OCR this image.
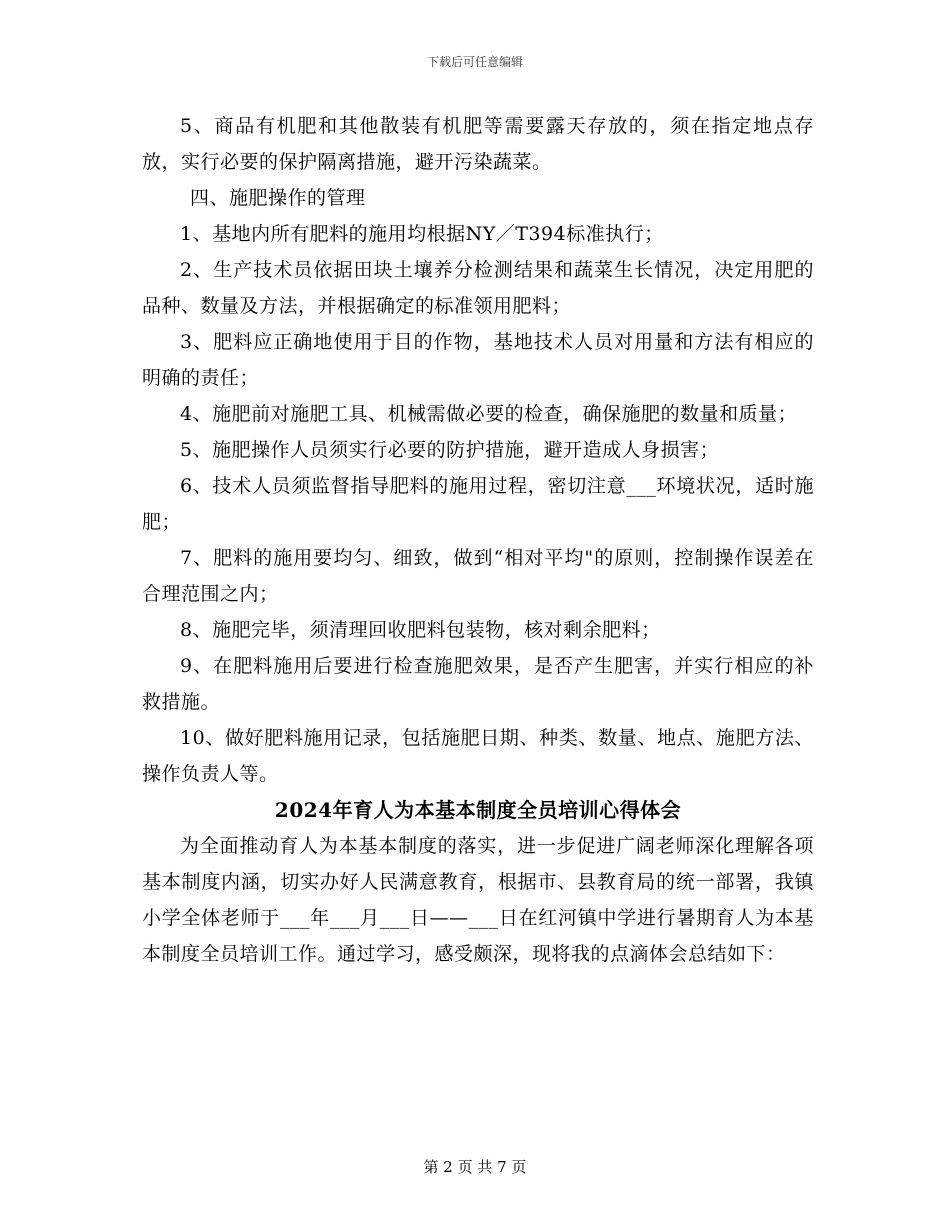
下载后可任意编辑

5、商品有机肥和其他散装有机肥等需要露天存放的，须在指定地点存放，实行必要的保护隔离措施，避开污染蔬菜。

四、施肥操作的管理

1、基地内所有肥料的施用均根据NY／T394标准执行；

2、生产技术员依据田块土壤养分检测结果和蔬菜生长情况，决定用肥的品种、数量及方法，并根据确定的标准领用肥料；

3、肥料应正确地使用于目的作物，基地技术人员对用量和方法有相应的明确的责任；

4、施肥前对施肥工具、机械需做必要的检查，确保施肥的数量和质量；

5、施肥操作人员须实行必要的防护措施，避开造成人身损害；

6、技术人员须监督指导肥料的施用过程，密切注意___环境状况，适时施肥；

7、肥料的施用要均匀、细致，做到“相对平均"的原则，控制操作误差在合理范围之内；

8、施肥完毕，须清理回收肥料包装物，核对剩余肥料；

9、在肥料施用后要进行检查施肥效果，是否产生肥害，并实行相应的补救措施。

10、做好肥料施用记录，包括施肥日期、种类、数量、地点、施肥方法、操作负责人等。

2024年育人为本基本制度全员培训心得体会

为全面推动育人为本基本制度的落实，进一步促进广阔老师深化理解各项基本制度内涵，切实办好人民满意教育，根据市、县教育局的统一部署，我镇小学全体老师于___年___月___日——___日在红河镇中学进行暑期育人为本基本制度全员培训工作。通过学习，感受颇深，现将我的点滴体会总结如下：

第 2 页 共 7 页
